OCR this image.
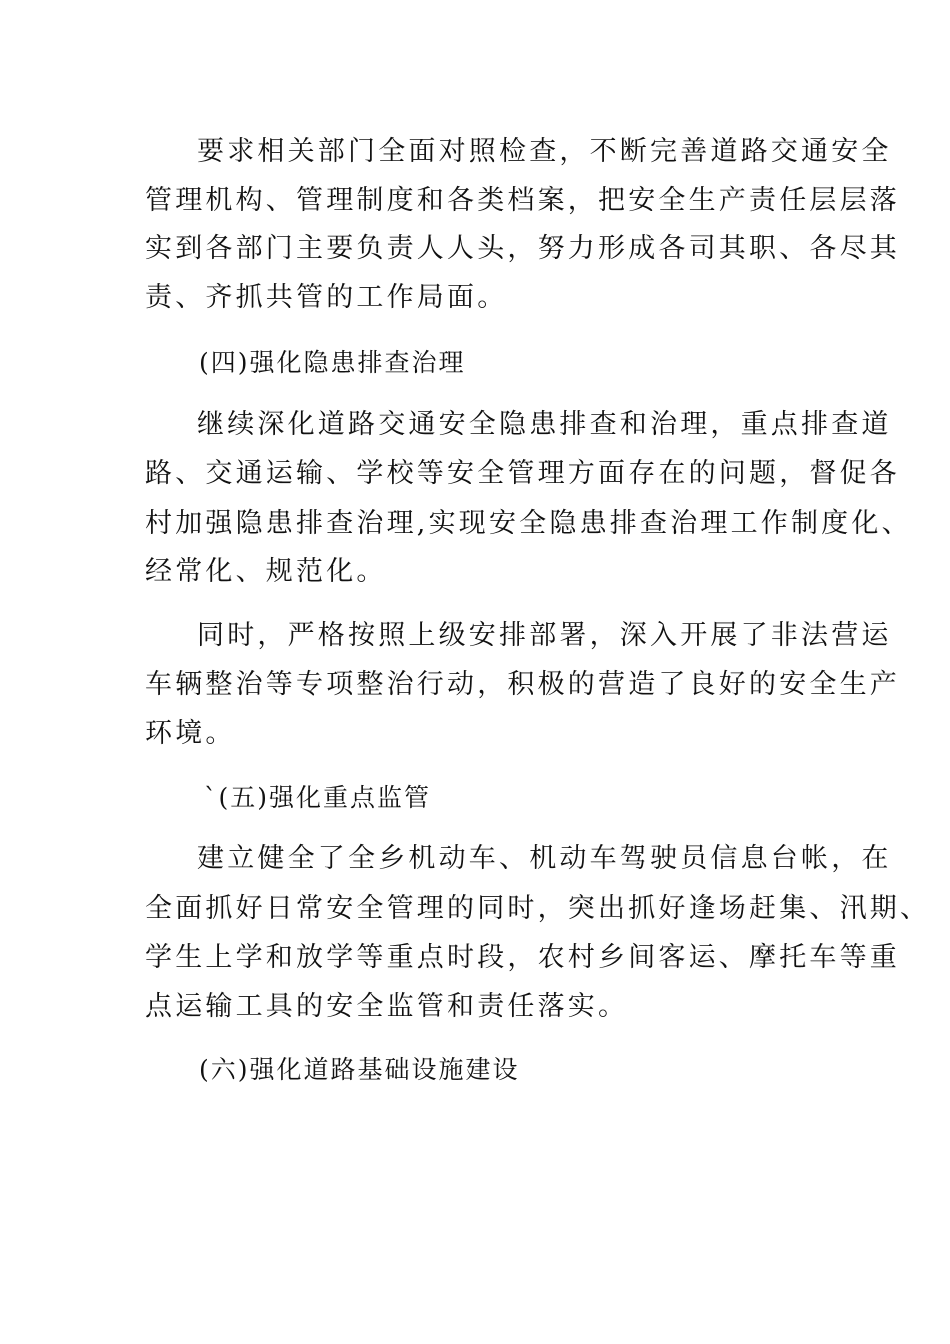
要求相关部门全面对照检查，不断完善道路交通安全
管理机构、管理制度和各类档案，把安全生产责任层层落
实到各部门主要负责人人头，努力形成各司其职、各尽其
责、齐抓共管的工作局面。
(四)强化隐患排查治理
继续深化道路交通安全隐患排查和治理，重点排查道
路、交通运输、学校等安全管理方面存在的问题，督促各
村加强隐患排查治理,实现安全隐患排查治理工作制度化、
经常化、规范化。
同时，严格按照上级安排部署，深入开展了非法营运
车辆整治等专项整治行动，积极的营造了良好的安全生产
环境。
`(五)强化重点监管
建立健全了全乡机动车、机动车驾驶员信息台帐，在
全面抓好日常安全管理的同时，突出抓好逢场赶集、汛期、
学生上学和放学等重点时段，农村乡间客运、摩托车等重
点运输工具的安全监管和责任落实。
(六)强化道路基础设施建设
